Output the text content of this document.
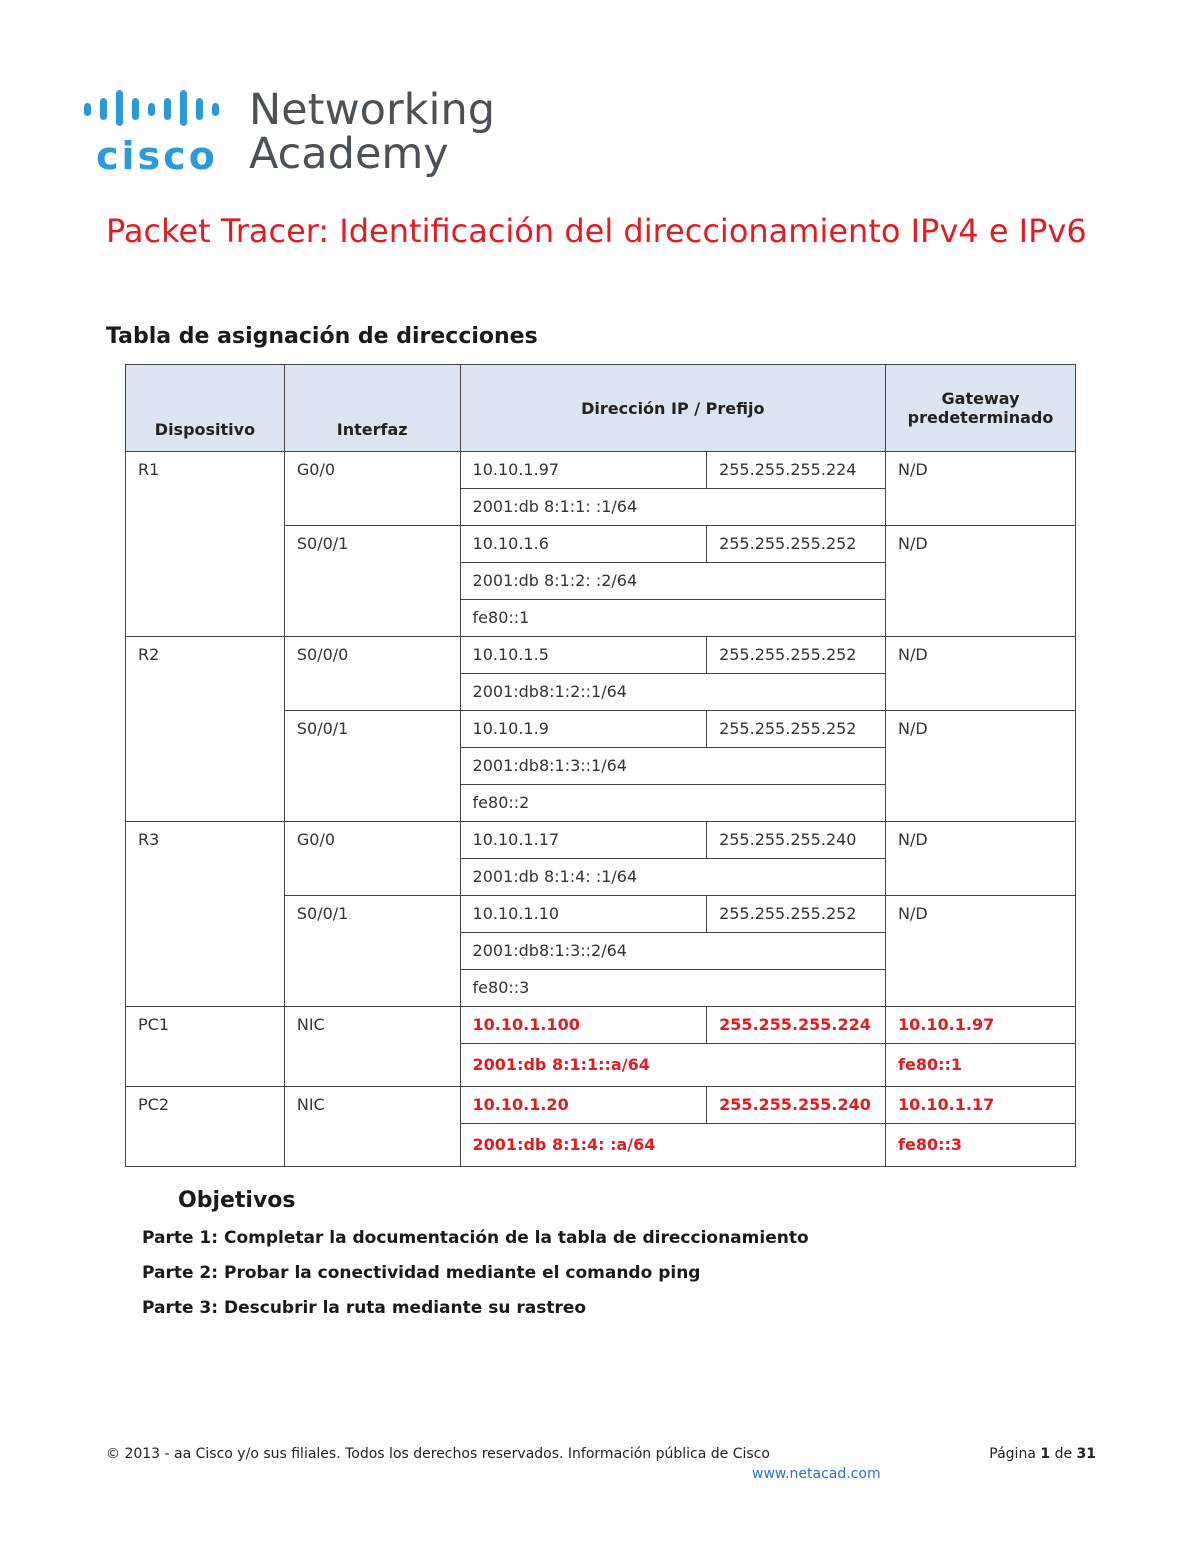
cisco
Networking
Academy
Packet Tracer: Identificación del direccionamiento IPv4 e IPv6
Tabla de asignación de direcciones
Dispositivo	Interfaz	Dirección IP / Prefijo		Gateway predeterminado
R1	G0/0	10.10.1.97	255.255.255.224	N/D
		2001:db 8:1:1: :1/64		
	S0/0/1	10.10.1.6	255.255.255.252	N/D
		2001:db 8:1:2: :2/64		
		fe80::1		
R2	S0/0/0	10.10.1.5	255.255.255.252	N/D
		2001:db8:1:2::1/64		
	S0/0/1	10.10.1.9	255.255.255.252	N/D
		2001:db8:1:3::1/64		
		fe80::2		
R3	G0/0	10.10.1.17	255.255.255.240	N/D
		2001:db 8:1:4: :1/64		
	S0/0/1	10.10.1.10	255.255.255.252	N/D
		2001:db8:1:3::2/64		
		fe80::3		
PC1	NIC	10.10.1.100	255.255.255.224	10.10.1.97
		2001:db 8:1:1::a/64		fe80::1
PC2	NIC	10.10.1.20	255.255.255.240	10.10.1.17
		2001:db 8:1:4: :a/64		fe80::3
Objetivos
Parte 1: Completar la documentación de la tabla de direccionamiento
Parte 2: Probar la conectividad mediante el comando ping
Parte 3: Descubrir la ruta mediante su rastreo
© 2013 - aa Cisco y/o sus filiales. Todos los derechos reservados. Información pública de Cisco	Página 1 de 31
www.netacad.com
